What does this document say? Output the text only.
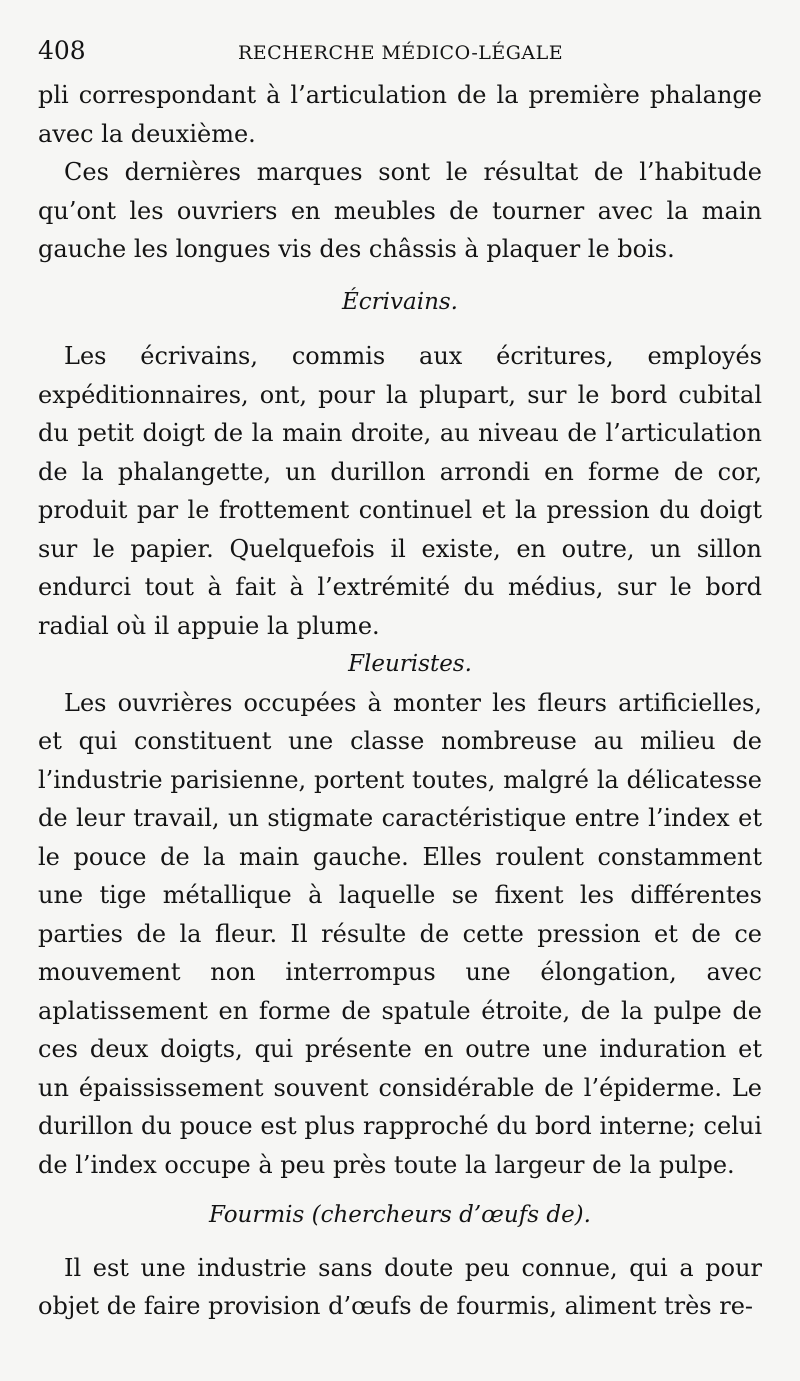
408	RECHERCHE MÉDICO-LÉGALE

pli correspondant à l’articulation de la première phalange avec la deuxième.

Ces dernières marques sont le résultat de l’habitude qu’ont les ouvriers en meubles de tourner avec la main gauche les longues vis des châssis à plaquer le bois.

Écrivains.

Les écrivains, commis aux écritures, employés expéditionnaires, ont, pour la plupart, sur le bord cubital du petit doigt de la main droite, au niveau de l’articulation de la phalangette, un durillon arrondi en forme de cor, produit par le frottement continuel et la pression du doigt sur le papier. Quelquefois il existe, en outre, un sillon endurci tout à fait à l’extrémité du médius, sur le bord radial où il appuie la plume.

Fleuristes.

Les ouvrières occupées à monter les fleurs artificielles, et qui constituent une classe nombreuse au milieu de l’industrie parisienne, portent toutes, malgré la délicatesse de leur travail, un stigmate caractéristique entre l’index et le pouce de la main gauche. Elles roulent constamment une tige métallique à laquelle se fixent les différentes parties de la fleur. Il résulte de cette pression et de ce mouvement non interrompus une élongation, avec aplatissement en forme de spatule étroite, de la pulpe de ces deux doigts, qui présente en outre une induration et un épaississement souvent considérable de l’épiderme. Le durillon du pouce est plus rapproché du bord interne; celui de l’index occupe à peu près toute la largeur de la pulpe.

Fourmis (chercheurs d’œufs de).

Il est une industrie sans doute peu connue, qui a pour objet de faire provision d’œufs de fourmis, aliment très re-
